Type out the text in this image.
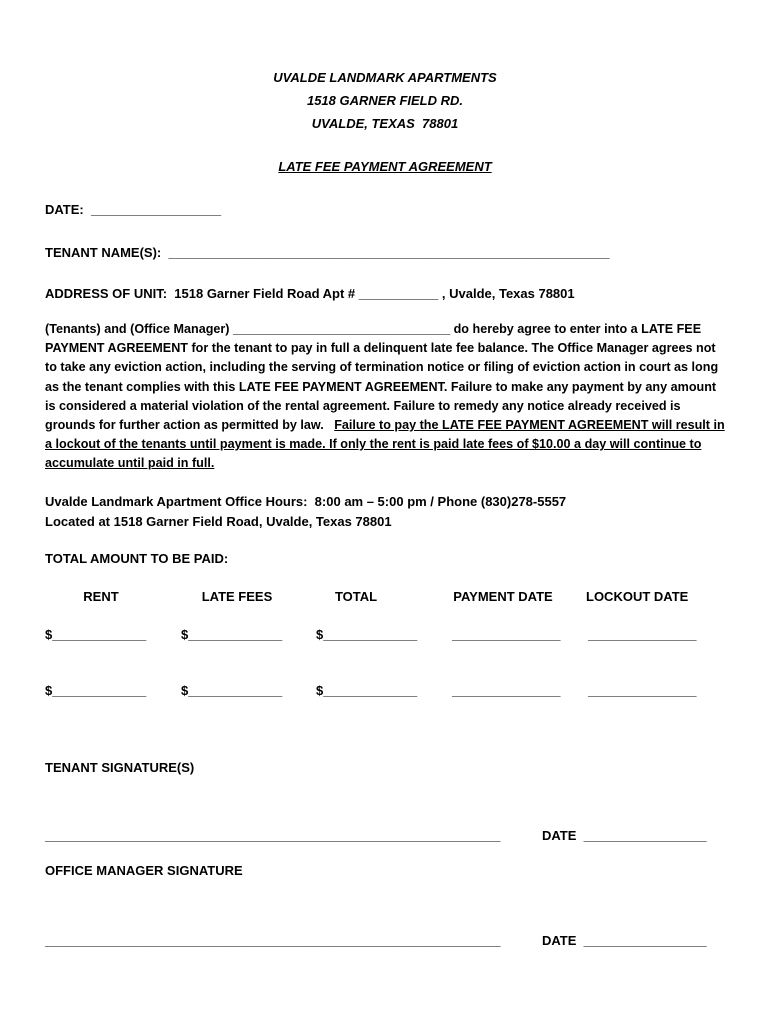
UVALDE LANDMARK APARTMENTS
1518 GARNER FIELD RD.
UVALDE, TEXAS  78801
LATE FEE PAYMENT AGREEMENT
DATE:  __________________
TENANT NAME(S):  _____________________________________________________________
ADDRESS OF UNIT:  1518 Garner Field Road Apt # ___________ , Uvalde, Texas 78801
(Tenants) and (Office Manager) _______________________________ do hereby agree to enter into a LATE FEE PAYMENT AGREEMENT for the tenant to pay in full a delinquent late fee balance. The Office Manager agrees not to take any eviction action, including the serving of termination notice or filing of eviction action in court as long as the tenant complies with this LATE FEE PAYMENT AGREEMENT. Failure to make any payment by any amount is considered a material violation of the rental agreement. Failure to remedy any notice already received is grounds for further action as permitted by law. Failure to pay the LATE FEE PAYMENT AGREEMENT will result in a lockout of the tenants until payment is made. If only the rent is paid late fees of $10.00 a day will continue to accumulate until paid in full.
Uvalde Landmark Apartment Office Hours:  8:00 am – 5:00 pm / Phone (830)278-5557
Located at 1518 Garner Field Road, Uvalde, Texas 78801
TOTAL AMOUNT TO BE PAID:
RENT	LATE FEES	TOTAL	PAYMENT DATE	LOCKOUT DATE
$_____________	$_____________	$_____________	_______________ _______________
$_____________	$_____________	$_____________	_______________ _______________
TENANT SIGNATURE(S)
_______________________________________________________________	DATE  _________________
OFFICE MANAGER SIGNATURE
_______________________________________________________________	DATE  _________________
